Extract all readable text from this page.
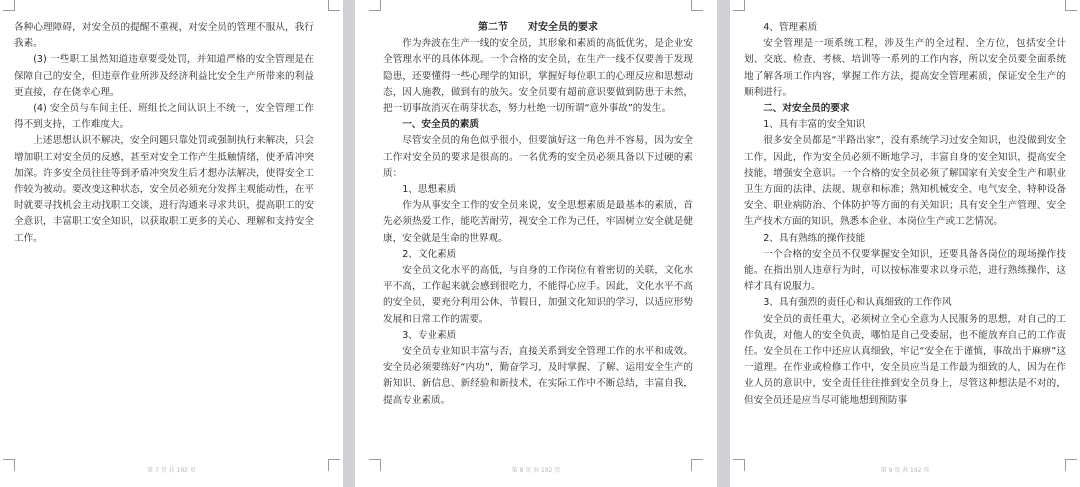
各种心理障碍，对安全员的提醒不重视，对安全员的管理不服从，我行我素。

(3) 一些职工虽然知道违章要受处罚，并知道严格的安全管理是在保障自己的安全，但违章作业所涉及经济利益比安全生产所带来的利益更直接，存在侥幸心理。

(4) 安全员与车间主任、班组长之间认识上不统一，安全管理工作得不到支持，工作难度大。

上述思想认识不解决，安全问题只靠处罚或强制执行来解决，只会增加职工对安全员的反感，甚至对安全工作产生抵触情绪，使矛盾冲突加深。许多安全员往往等到矛盾冲突发生后才想办法解决，使得安全工作较为被动。要改变这种状态，安全员必须充分发挥主观能动性，在平时就要寻找机会主动找职工交谈，进行沟通来寻求共识，提高职工的安全意识，丰富职工安全知识，以获取职工更多的关心、理解和支持安全工作。

第 7 页 共 192 页

第二节　　对安全员的要求

作为奔波在生产一线的安全员，其形象和素质的高低优劣，是企业安全管理水平的具体体现。一个合格的安全员，在生产一线不仅要善于发现隐患，还要懂得一些心理学的知识，掌握好每位职工的心理反应和思想动态，因人施教，做到有的放矢。安全员要有超前意识要做到防患于未然，把一切事故消灭在萌芽状态，努力杜绝一切所谓“意外事故”的发生。

一、安全员的素质

尽管安全员的角色似乎很小，但要演好这一角色并不容易，因为安全工作对安全员的要求是很高的。一名优秀的安全员必须具备以下过硬的素质：

1、思想素质

作为从事安全工作的安全员来说，安全思想素质是最基本的素质，首先必须热爱工作，能吃苦耐劳，视安全工作为己任，牢固树立安全就是健康，安全就是生命的世界观。

2、文化素质

安全员文化水平的高低，与自身的工作岗位有着密切的关联，文化水平不高，工作起来就会感到很吃力，不能得心应手。因此，文化水平不高的安全员，要充分利用公休、节假日，加强文化知识的学习，以适应形势发展和日常工作的需要。

3、专业素质

安全员专业知识丰富与否，直接关系到安全管理工作的水平和成效。安全员必须要练好“内功”，勤奋学习，及时掌握、了解、运用安全生产的新知识、新信息、新经验和新技术，在实际工作中不断总结，丰富自我，提高专业素质。

第 8 页 共 192 页

4、管理素质

安全管理是一项系统工程，涉及生产的全过程、全方位，包括安全计划、交底、检查、考核、培训等一系列的工作内容，所以安全员要全面系统地了解各项工作内容，掌握工作方法，提高安全管理素质，保证安全生产的顺利进行。

二、对安全员的要求

1、具有丰富的安全知识

很多安全员都是“半路出家”，没有系统学习过安全知识，也没做到安全工作，因此，作为安全员必须不断地学习，丰富自身的安全知识，提高安全技能，增强安全意识。一个合格的安全员必须了解国家有关安全生产和职业卫生方面的法律、法规、规章和标准；熟知机械安全、电气安全、特种设备安全、职业病防治、个体防护等方面的有关知识；具有安全生产管理、安全生产技术方面的知识，熟悉本企业、本岗位生产或工艺情况。

2、具有熟练的操作技能

一个合格的安全员不仅要掌握安全知识，还要具备各岗位的现场操作技能。在指出别人违章行为时，可以按标准要求以身示范，进行熟练操作，这样才具有说服力。

3、具有强烈的责任心和认真细致的工作作风

安全员的责任重大，必须树立全心全意为人民服务的思想，对自己的工作负责，对他人的安全负责，哪怕是自己受委屈，也不能放弃自己的工作责任。安全员在工作中还应认真细致，牢记“安全在于谨慎，事故出于麻痹”这一道理。在作业或检修工作中，安全员应当是工作最为细致的人，因为在作业人员的意识中，安全责任往往推到安全员身上，尽管这种想法是不对的，但安全员还是应当尽可能地想到预防事

第 9 页 共 192 页
